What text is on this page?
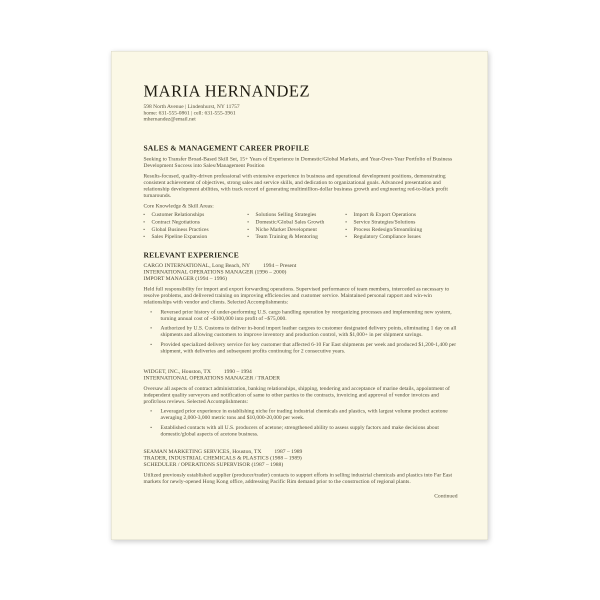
MARIA HERNANDEZ
598 North Avenue | Lindenhurst, NY 11757
home: 631-555-0861 | cell: 631-555-3961
mhernandez@email.net
SALES & MANAGEMENT CAREER PROFILE
Seeking to Transfer Broad-Based Skill Set, 15+ Years of Experience in Domestic/Global Markets, and Year-Over-Year Portfolio of Business Development Success into Sales/Management Position
Results-focused, quality-driven professional with extensive experience in business and operational development positions, demonstrating consistent achievement of objectives, strong sales and service skills, and dedication to organizational goals. Advanced presentation and relationship development abilities, with track record of generating multimillion-dollar business growth and engineering red-to-black profit turnarounds.
Core Knowledge & Skill Areas:
▪ Customer Relationships
▪ Contract Negotiations
▪ Global Business Practices
▪ Sales Pipeline Expansion
▪ Solutions Selling Strategies
▪ Domestic/Global Sales Growth
▪ Niche Market Development
▪ Team Training & Mentoring
▪ Import & Export Operations
▪ Service Strategies/Solutions
▪ Process Redesign/Streamlining
▪ Regulatory Compliance Issues
RELEVANT EXPERIENCE
CARGO INTERNATIONAL, Long Beach, NY 1994 – Present
INTERNATIONAL OPERATIONS MANAGER (1996 – 2000)
IMPORT MANAGER (1994 – 1996)
Held full responsibility for import and export forwarding operations. Supervised performance of team members, interceded as necessary to resolve problems, and delivered training on improving efficiencies and customer service. Maintained personal rapport and win-win relationships with vendor and clients. Selected Accomplishments:
▪ Reversed prior history of under-performing U.S. cargo handling operation by reorganizing processes and implementing new system, turning annual cost of ~$100,000 into profit of ~$75,000.
▪ Authorized by U.S. Customs to deliver in-bond import leather cargoes to customer designated delivery points, eliminating 1 day on all shipments and allowing customers to improve inventory and production control, with $1,000+ in per shipment savings.
▪ Provided specialized delivery service for key customer that affected 6-10 Far East shipments per week and produced $1,200-1,400 per shipment, with deliveries and subsequent profits continuing for 2 consecutive years.
WIDGET, INC., Houston, TX 1990 – 1994
INTERNATIONAL OPERATIONS MANAGER / TRADER
Oversaw all aspects of contract administration, banking relationships, shipping, tendering and acceptance of marine details, appointment of independent quality surveyors and notification of same to other parties to the contracts, invoicing and approval of vendor invoices and profit/loss reviews. Selected Accomplishments:
▪ Leveraged prior experience in establishing niche for trading industrial chemicals and plastics, with largest volume product acetone averaging 2,000-3,000 metric tons and $10,000-20,000 per week.
▪ Established contacts with all U.S. producers of acetone; strengthened ability to assess supply factors and make decisions about domestic/global aspects of acetone business.
SEAMAN MARKETING SERVICES, Houston, TX 1987 – 1989
TRADER, INDUSTRIAL CHEMICALS & PLASTICS (1988 – 1989)
SCHEDULER / OPERATIONS SUPERVISOR (1987 – 1988)
Utilized previously established supplier (producer/trader) contacts to support efforts in selling industrial chemicals and plastics into Far East markets for newly-opened Hong Kong office, addressing Pacific Rim demand prior to the construction of regional plants.
Continued
